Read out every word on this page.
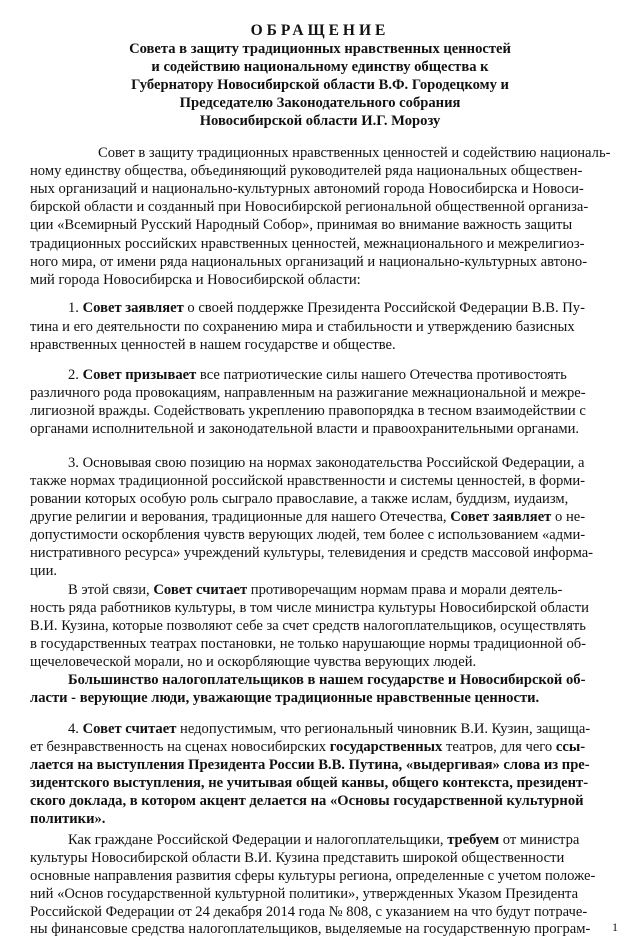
ОБРАЩЕНИЕ
Совета в защиту традиционных нравственных ценностей
и содействию национальному единству общества к
Губернатору Новосибирской области В.Ф. Городецкому и
Председателю Законодательного собрания
Новосибирской области И.Г. Морозу
Совет в защиту традиционных нравственных ценностей и содействию националь-
ному единству общества, объединяющий руководителей ряда национальных обществен-
ных организаций и национально-культурных автономий города Новосибирска и Новоси-
бирской области и созданный при Новосибирской региональной общественной организа-
ции «Всемирный Русский Народный Собор», принимая во внимание важность защиты
традиционных российских нравственных ценностей, межнационального и межрелигиоз-
ного мира, от имени ряда национальных организаций и национально-культурных автоно-
мий города Новосибирска и Новосибирской области:
1. Совет заявляет о своей поддержке Президента Российской Федерации В.В. Пу-
тина и его деятельности по сохранению мира и стабильности и утверждению базисных
нравственных ценностей в нашем государстве и обществе.
2. Совет призывает все патриотические силы нашего Отечества противостоять
различного рода провокациям, направленным на разжигание межнациональной и межре-
лигиозной вражды. Содействовать укреплению правопорядка в тесном взаимодействии с
органами исполнительной и законодательной власти и правоохранительными органами.
3. Основывая свою позицию на нормах законодательства Российской Федерации, а
также нормах традиционной российской нравственности и системы ценностей, в форми-
ровании которых особую роль сыграло православие, а также ислам, буддизм, иудаизм,
другие религии и верования, традиционные для нашего Отечества, Совет заявляет о не-
допустимости оскорбления чувств верующих людей, тем более с использованием «адми-
нистративного ресурса» учреждений культуры, телевидения и средств массовой информа-
ции.
В этой связи, Совет считает противоречащим нормам права и морали деятель-
ность ряда работников культуры, в том числе министра культуры Новосибирской области
В.И. Кузина, которые позволяют себе за счет средств налогоплательщиков, осуществлять
в государственных театрах постановки, не только нарушающие нормы традиционной об-
щечеловеческой морали, но и оскорбляющие чувства верующих людей.
Большинство налогоплательщиков в нашем государстве и Новосибирской об-
ласти - верующие люди, уважающие традиционные нравственные ценности.
4. Совет считает недопустимым, что региональный чиновник В.И. Кузин, защища-
ет безнравственность на сценах новосибирских государственных театров, для чего ссы-
лается на выступления Президента России В.В. Путина, «выдергивая» слова из пре-
зидентского выступления, не учитывая общей канвы, общего контекста, президент-
ского доклада, в котором акцент делается на «Основы государственной культурной
политики».
Как граждане Российской Федерации и налогоплательщики, требуем от министра
культуры Новосибирской области В.И. Кузина представить широкой общественности
основные направления развития сферы культуры региона, определенные с учетом положе-
ний «Основ государственной культурной политики», утвержденных Указом Президента
Российской Федерации от 24 декабря 2014 года № 808, с указанием на что будут потраче-
ны финансовые средства налогоплательщиков, выделяемые на государственную програм- 1
